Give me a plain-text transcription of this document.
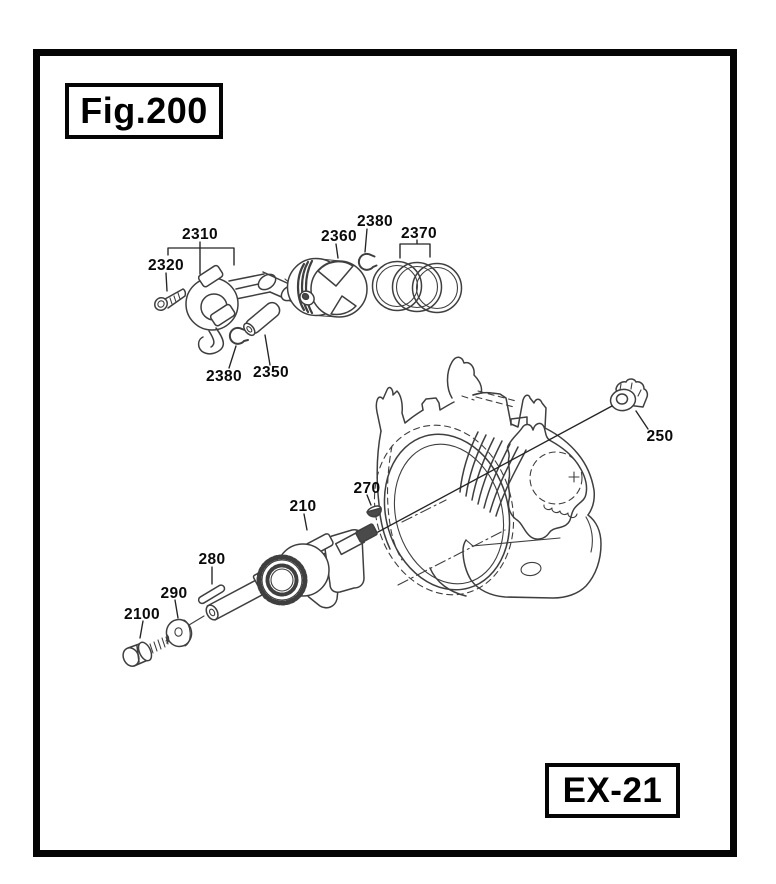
Fig.200
EX-21
2310
2320
2380 2350
2360
2380
2370
250
270
210
280
290
2100
